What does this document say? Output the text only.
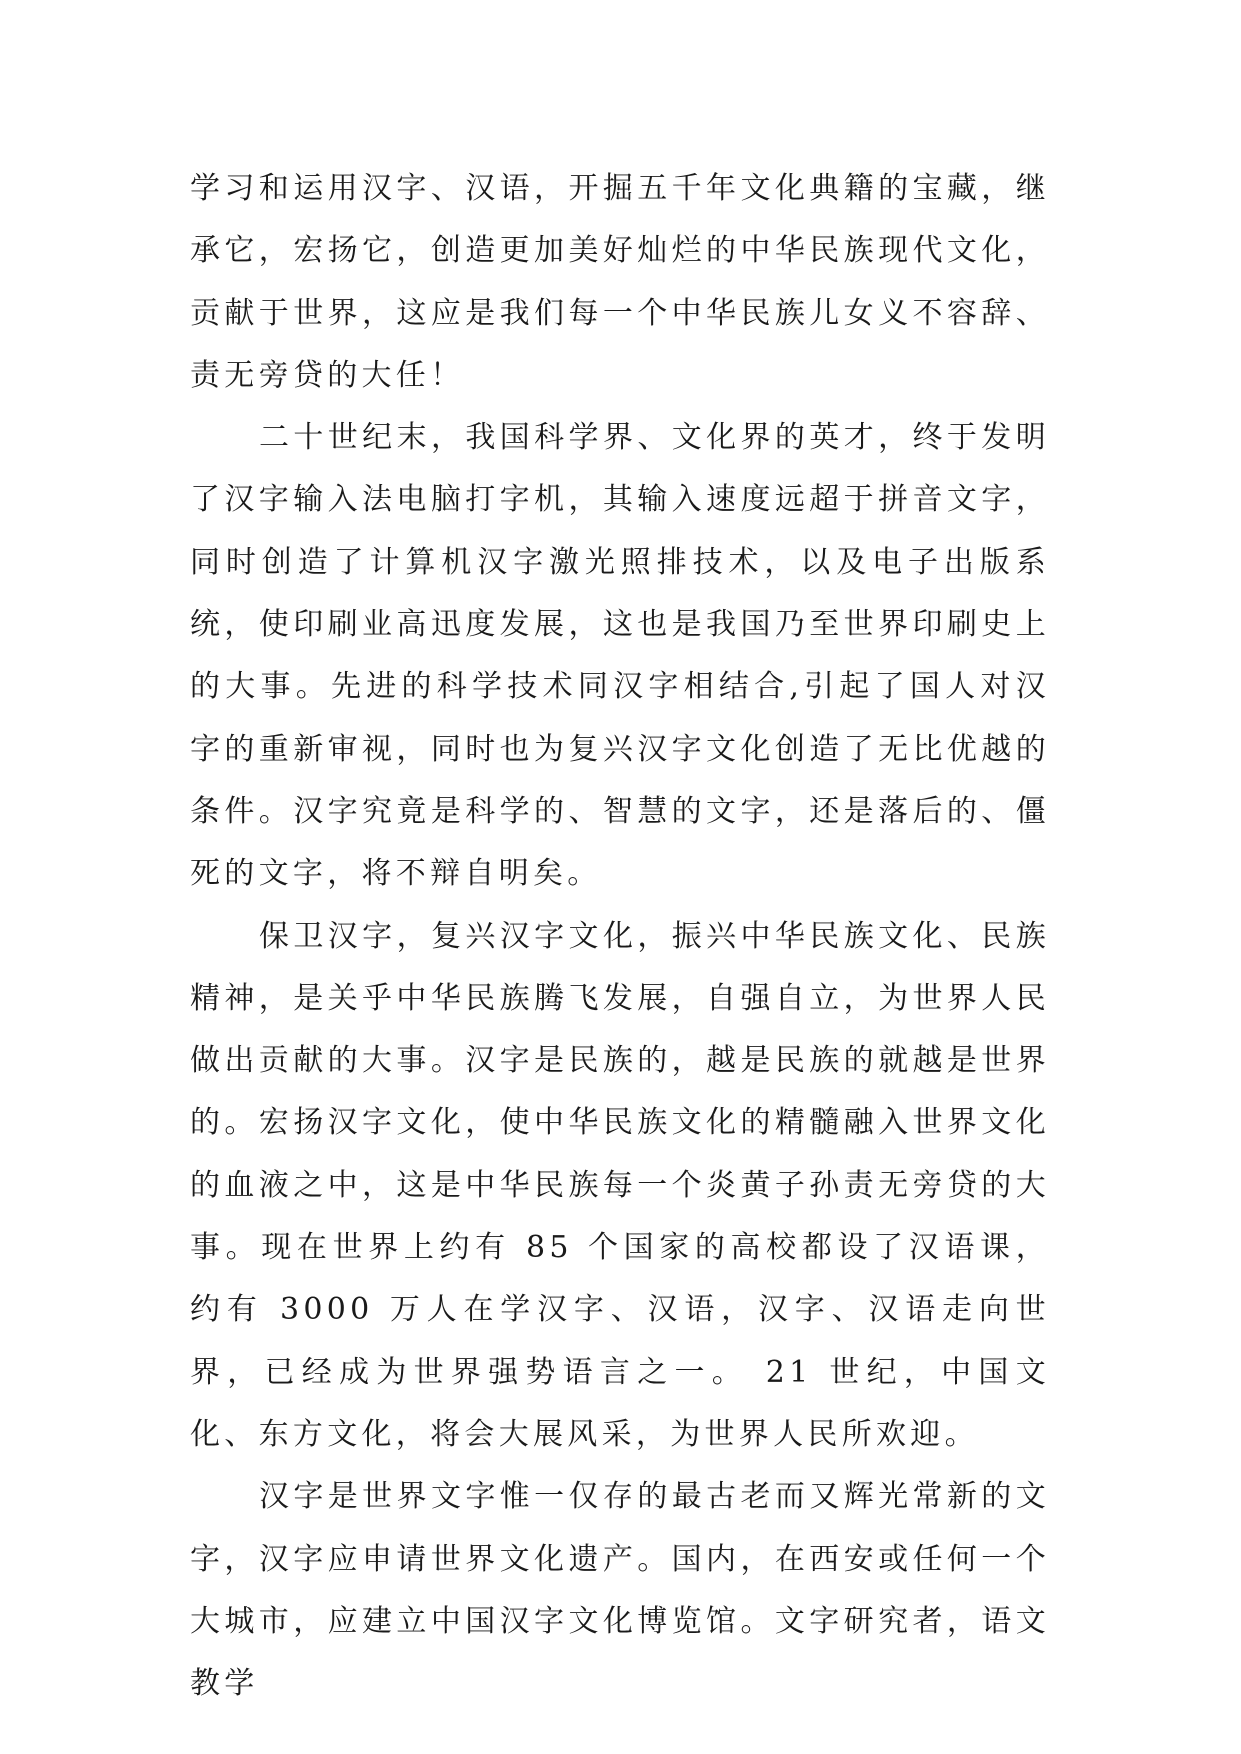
学习和运用汉字、汉语，开掘五千年文化典籍的宝藏，继承它，宏扬它，创造更加美好灿烂的中华民族现代文化，贡献于世界，这应是我们每一个中华民族儿女义不容辞、责无旁贷的大任！

二十世纪末，我国科学界、文化界的英才，终于发明了汉字输入法电脑打字机，其输入速度远超于拼音文字，同时创造了计算机汉字激光照排技术，以及电子出版系统，使印刷业高迅度发展，这也是我国乃至世界印刷史上的大事。先进的科学技术同汉字相结合,引起了国人对汉字的重新审视，同时也为复兴汉字文化创造了无比优越的条件。汉字究竟是科学的、智慧的文字，还是落后的、僵死的文字，将不辩自明矣。

保卫汉字，复兴汉字文化，振兴中华民族文化、民族精神，是关乎中华民族腾飞发展，自强自立，为世界人民做出贡献的大事。汉字是民族的，越是民族的就越是世界的。宏扬汉字文化，使中华民族文化的精髓融入世界文化的血液之中，这是中华民族每一个炎黄子孙责无旁贷的大事。现在世界上约有 85 个国家的高校都设了汉语课，约有 3000 万人在学汉字、汉语，汉字、汉语走向世界，已经成为世界强势语言之一。 21 世纪，中国文化、东方文化，将会大展风采，为世界人民所欢迎。

汉字是世界文字惟一仅存的最古老而又辉光常新的文字，汉字应申请世界文化遗产。国内，在西安或任何一个大城市，应建立中国汉字文化博览馆。文字研究者，语文教学
